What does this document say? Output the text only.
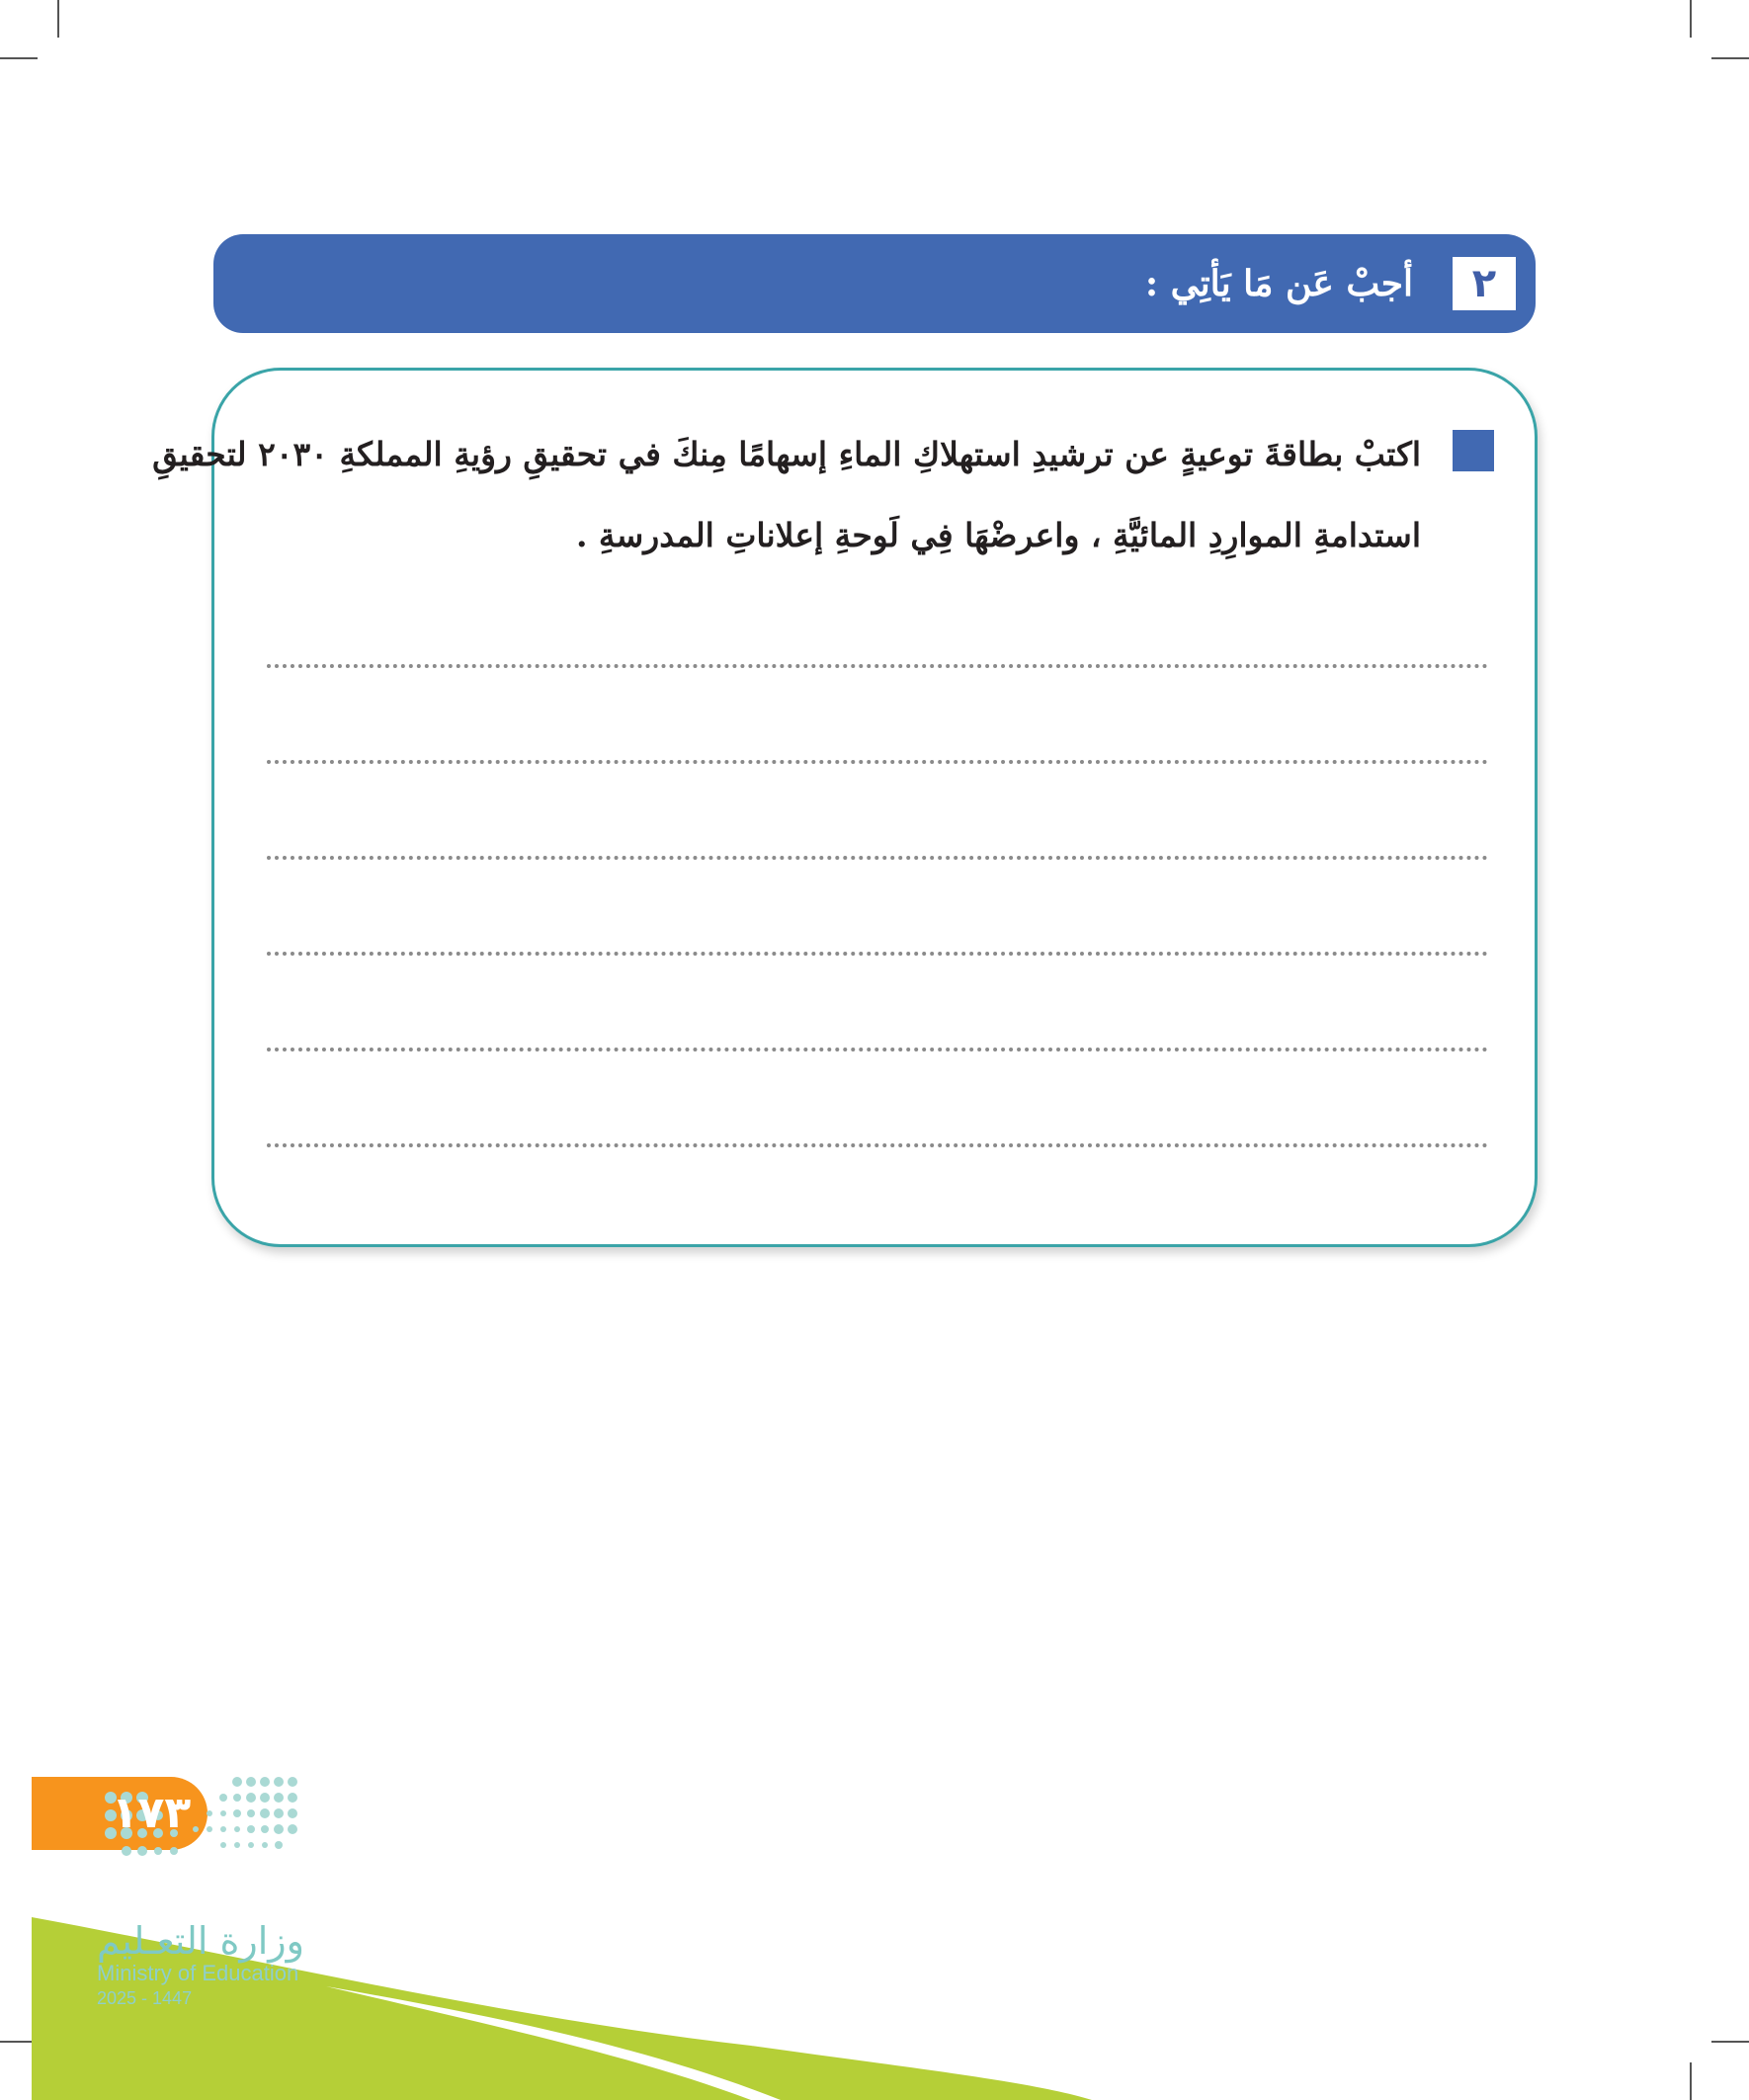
٢
أجبْ عَن مَا يَأتِي :
اكتبْ بطاقةَ توعيةٍ عن ترشيدِ استهلاكِ الماءِ إسهامًا مِنكَ في تحقيقِ رؤيةِ المملكةِ ٢٠٣٠ لتحقيقِ
استدامةِ الموارِدِ المائيَّةِ ، واعرضْهَا فِي لَوحةِ إعلاناتِ المدرسةِ .
١٧٣
وزارة التعـليم
Ministry of Education
2025 - 1447
